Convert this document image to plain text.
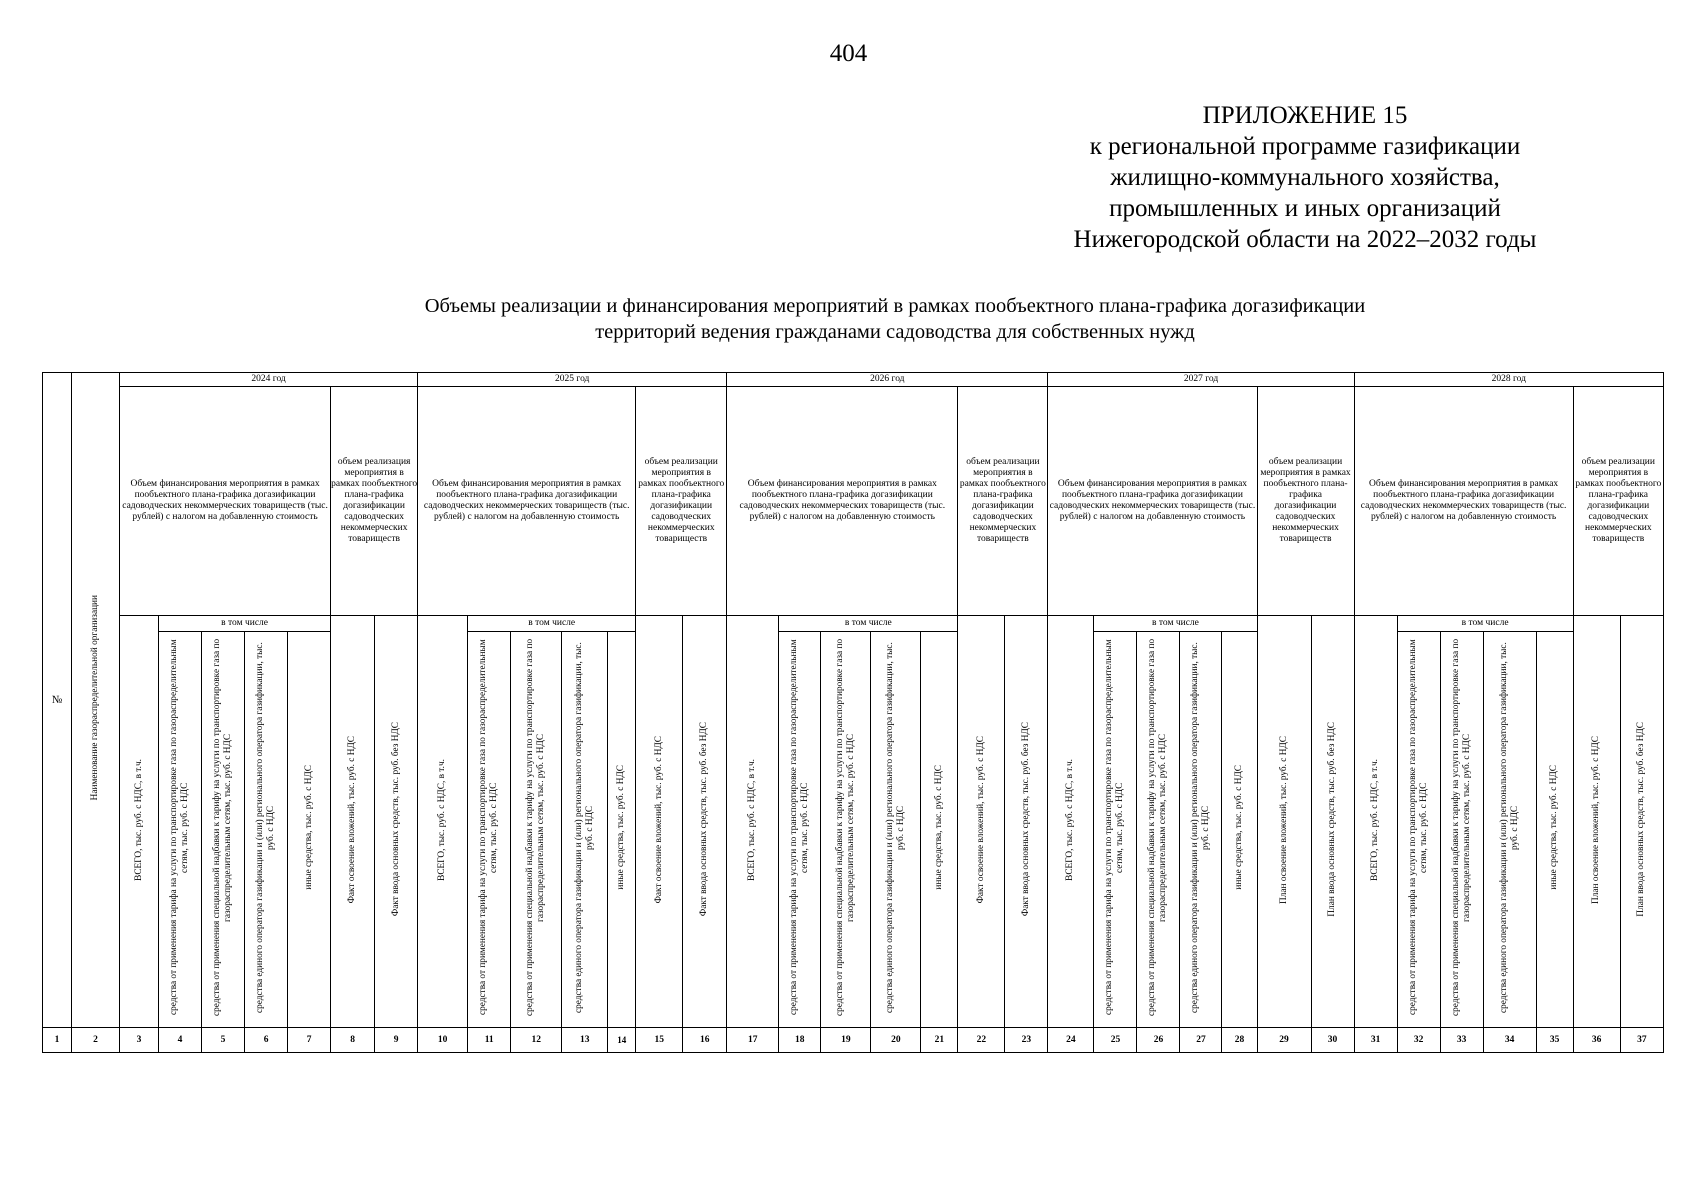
404
ПРИЛОЖЕНИЕ 15
к региональной программе газификации
жилищно-коммунального хозяйства,
промышленных и иных организаций
Нижегородской области на 2022–2032 годы
Объемы реализации и финансирования мероприятий в рамках пообъектного плана-графика догазификации
территорий ведения гражданами садоводства для собственных нужд
№	Наименование газораспределительной организации	2024 год							2025 год							2026 год							2027 год							2028 год						
		Объем финансирования мероприятия в рамках пообъектного плана-графика догазификации садоводческих некоммерческих товариществ (тыс. рублей) с налогом на добавленную стоимость					объем реализация мероприятия в рамках пообъектного плана-графика догазификации садоводческих некоммерческих товариществ		Объем финансирования мероприятия в рамках пообъектного плана-графика догазификации садоводческих некоммерческих товариществ (тыс. рублей) с налогом на добавленную стоимость					объем реализации мероприятия в рамках пообъектного плана-графика догазификации садоводческих некоммерческих товариществ		Объем финансирования мероприятия в рамках пообъектного плана-графика догазификации садоводческих некоммерческих товариществ (тыс. рублей) с налогом на добавленную стоимость					объем реализации мероприятия в рамках пообъектного плана-графика догазификации садоводческих некоммерческих товариществ		Объем финансирования мероприятия в рамках пообъектного плана-графика догазификации садоводческих некоммерческих товариществ (тыс. рублей) с налогом на добавленную стоимость					объем реализации мероприятия в рамках пообъектного плана-графика догазификации садоводческих некоммерческих товариществ		Объем финансирования мероприятия в рамках пообъектного плана-графика догазификации садоводческих некоммерческих товариществ (тыс. рублей) с налогом на добавленную стоимость					объем реализации мероприятия в рамках пообъектного плана-графика догазификации садоводческих некоммерческих товариществ	
		ВСЕГО, тыс. руб. с НДС, в т.ч.	в том числе				Факт освоение вложений, тыс. руб. с НДС	Факт ввода основных средств, тыс. руб. без НДС	ВСЕГО, тыс. руб. с НДС, в т.ч.	в том числе				Факт освоение вложений, тыс. руб. с НДС	Факт ввода основных средств, тыс. руб. без НДС	ВСЕГО, тыс. руб. с НДС, в т.ч.	в том числе				Факт освоение вложений, тыс. руб. с НДС	Факт ввода основных средств, тыс. руб. без НДС	ВСЕГО, тыс. руб. с НДС, в т.ч.	в том числе				План освоение вложений, тыс. руб. с НДС	План ввода основных средств, тыс. руб. без НДС	ВСЕГО, тыс. руб. с НДС, в т.ч.	в том числе				План освоение вложений, тыс. руб. с НДС	План ввода основных средств, тыс. руб. без НДС
			средства от применения тарифа на услуги по транспортировке газа по газораспределительным сетям, тыс. руб. с НДС	средства от применения специальной надбавки к тарифу на услуги по транспортировке газа по газораспределительным сетям, тыс. руб. с НДС	средства единого оператора газификации и (или) регионального оператора газификации, тыс. руб. с НДС	иные средства, тыс. руб. с НДС				средства от применения тарифа на услуги по транспортировке газа по газораспределительным сетям, тыс. руб. с НДС	средства от применения специальной надбавки к тарифу на услуги по транспортировке газа по газораспределительным сетям, тыс. руб. с НДС	средства единого оператора газификации и (или) регионального оператора газификации, тыс. руб. с НДС	иные средства, тыс. руб. с НДС				средства от применения тарифа на услуги по транспортировке газа по газораспределительным сетям, тыс. руб. с НДС	средства от применения специальной надбавки к тарифу на услуги по транспортировке газа по газораспределительным сетям, тыс. руб. с НДС	средства единого оператора газификации и (или) регионального оператора газификации, тыс. руб. с НДС	иные средства, тыс. руб. с НДС				средства от применения тарифа на услуги по транспортировке газа по газораспределительным сетям, тыс. руб. с НДС	средства от применения специальной надбавки к тарифу на услуги по транспортировке газа по газораспределительным сетям, тыс. руб. с НДС	средства единого оператора газификации и (или) регионального оператора газификации, тыс. руб. с НДС	иные средства, тыс. руб. с НДС				средства от применения тарифа на услуги по транспортировке газа по газораспределительным сетям, тыс. руб. с НДС	средства от применения специальной надбавки к тарифу на услуги по транспортировке газа по газораспределительным сетям, тыс. руб. с НДС	средства единого оператора газификации и (или) регионального оператора газификации, тыс. руб. с НДС	иные средства, тыс. руб. с НДС		
1	2	3	4	5	6	7	8	9	10	11	12	13	14	15	16	17	18	19	20	21	22	23	24	25	26	27	28	29	30	31	32	33	34	35	36	37
